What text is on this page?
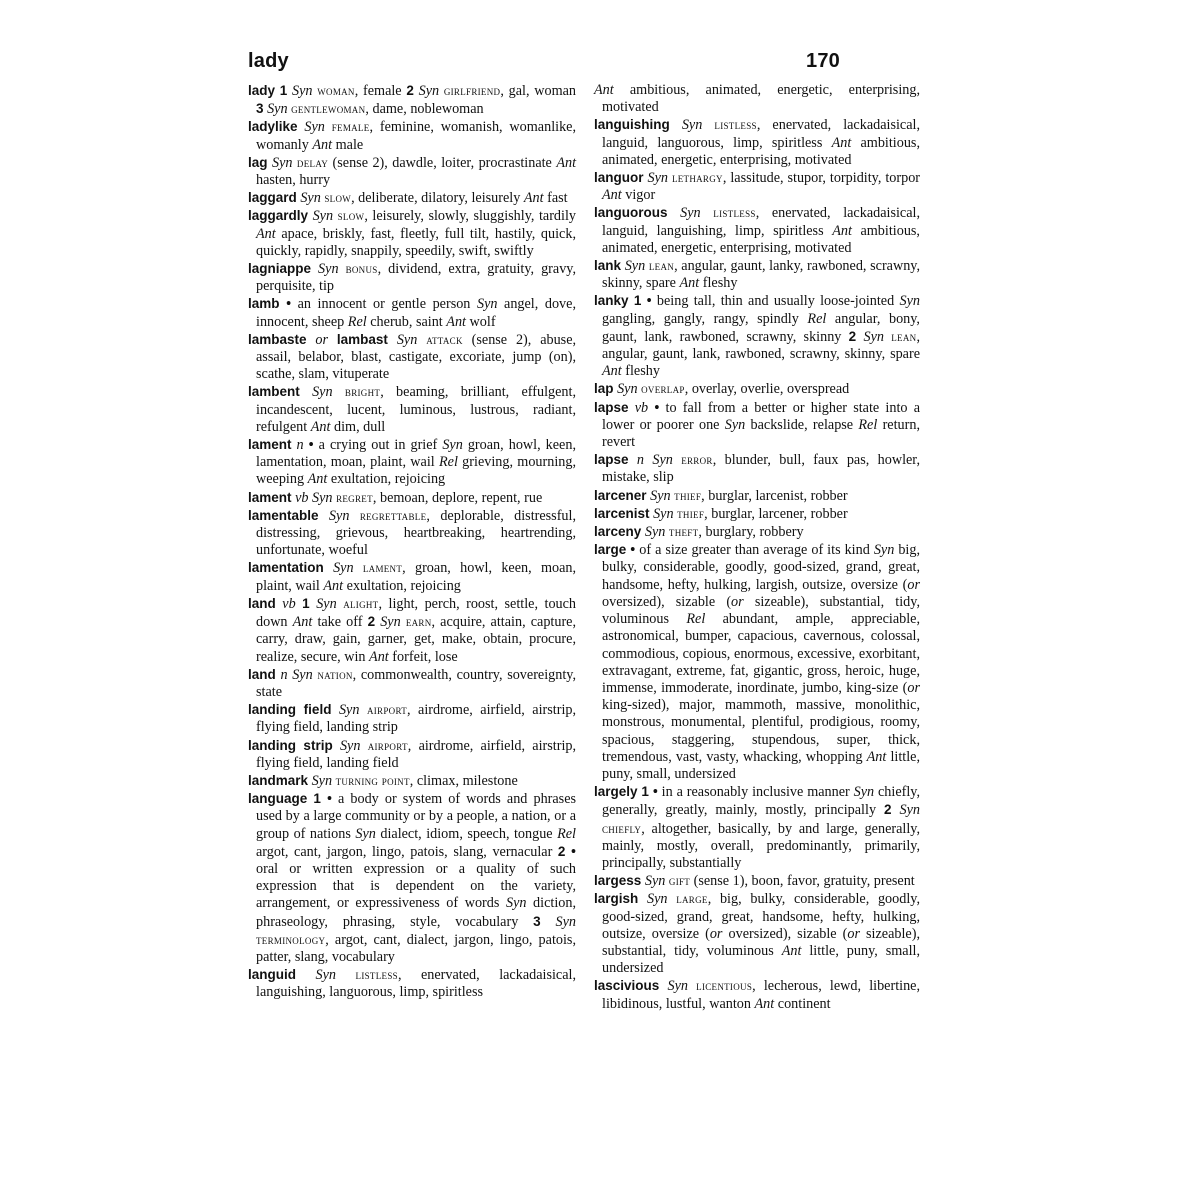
lady	170

lady 1 Syn woman, female 2 Syn girlfriend, gal, woman 3 Syn gentlewoman, dame, noblewoman

ladylike Syn female, feminine, womanish, womanlike, womanly Ant male

lag Syn delay (sense 2), dawdle, loiter, procrastinate Ant hasten, hurry

laggard Syn slow, deliberate, dilatory, leisurely Ant fast

laggardly Syn slow, leisurely, slowly, sluggishly, tardily Ant apace, briskly, fast, fleetly, full tilt, hastily, quick, quickly, rapidly, snappily, speedily, swift, swiftly

lagniappe Syn bonus, dividend, extra, gratuity, gravy, perquisite, tip

lamb • an innocent or gentle person Syn angel, dove, innocent, sheep Rel cherub, saint Ant wolf

lambaste or lambast Syn attack (sense 2), abuse, assail, belabor, blast, castigate, excoriate, jump (on), scathe, slam, vituperate

lambent Syn bright, beaming, brilliant, effulgent, incandescent, lucent, luminous, lustrous, radiant, refulgent Ant dim, dull

lament n • a crying out in grief Syn groan, howl, keen, lamentation, moan, plaint, wail Rel grieving, mourning, weeping Ant exultation, rejoicing

lament vb Syn regret, bemoan, deplore, repent, rue

lamentable Syn regrettable, deplorable, distressful, distressing, grievous, heartbreaking, heartrending, unfortunate, woeful

lamentation Syn lament, groan, howl, keen, moan, plaint, wail Ant exultation, rejoicing

land vb 1 Syn alight, light, perch, roost, settle, touch down Ant take off 2 Syn earn, acquire, attain, capture, carry, draw, gain, garner, get, make, obtain, procure, realize, secure, win Ant forfeit, lose

land n Syn nation, commonwealth, country, sovereignty, state

landing field Syn airport, airdrome, airfield, airstrip, flying field, landing strip

landing strip Syn airport, airdrome, airfield, airstrip, flying field, landing field

landmark Syn turning point, climax, milestone

language 1 • a body or system of words and phrases used by a large community or by a people, a nation, or a group of nations Syn dialect, idiom, speech, tongue Rel argot, cant, jargon, lingo, patois, slang, vernacular 2 • oral or written expression or a quality of such expression that is dependent on the variety, arrangement, or expressiveness of words Syn diction, phraseology, phrasing, style, vocabulary 3 Syn terminology, argot, cant, dialect, jargon, lingo, patois, patter, slang, vocabulary

languid Syn listless, enervated, lackadaisical, languishing, languorous, limp, spiritless

Ant ambitious, animated, energetic, enterprising, motivated

languishing Syn listless, enervated, lackadaisical, languid, languorous, limp, spiritless Ant ambitious, animated, energetic, enterprising, motivated

languor Syn lethargy, lassitude, stupor, torpidity, torpor Ant vigor

languorous Syn listless, enervated, lackadaisical, languid, languishing, limp, spiritless Ant ambitious, animated, energetic, enterprising, motivated

lank Syn lean, angular, gaunt, lanky, rawboned, scrawny, skinny, spare Ant fleshy

lanky 1 • being tall, thin and usually loose-jointed Syn gangling, gangly, rangy, spindly Rel angular, bony, gaunt, lank, rawboned, scrawny, skinny 2 Syn lean, angular, gaunt, lank, rawboned, scrawny, skinny, spare Ant fleshy

lap Syn overlap, overlay, overlie, overspread

lapse vb • to fall from a better or higher state into a lower or poorer one Syn backslide, relapse Rel return, revert

lapse n Syn error, blunder, bull, faux pas, howler, mistake, slip

larcener Syn thief, burglar, larcenist, robber

larcenist Syn thief, burglar, larcener, robber

larceny Syn theft, burglary, robbery

large • of a size greater than average of its kind Syn big, bulky, considerable, goodly, good-sized, grand, great, handsome, hefty, hulking, largish, outsize, oversize (or oversized), sizable (or sizeable), substantial, tidy, voluminous Rel abundant, ample, appreciable, astronomical, bumper, capacious, cavernous, colossal, commodious, copious, enormous, excessive, exorbitant, extravagant, extreme, fat, gigantic, gross, heroic, huge, immense, immoderate, inordinate, jumbo, king-size (or king-sized), major, mammoth, massive, monolithic, monstrous, monumental, plentiful, prodigious, roomy, spacious, staggering, stupendous, super, thick, tremendous, vast, vasty, whacking, whopping Ant little, puny, small, undersized

largely 1 • in a reasonably inclusive manner Syn chiefly, generally, greatly, mainly, mostly, principally 2 Syn chiefly, altogether, basically, by and large, generally, mainly, mostly, overall, predominantly, primarily, principally, substantially

largess Syn gift (sense 1), boon, favor, gratuity, present

largish Syn large, big, bulky, considerable, goodly, good-sized, grand, great, handsome, hefty, hulking, outsize, oversize (or oversized), sizable (or sizeable), substantial, tidy, voluminous Ant little, puny, small, undersized

lascivious Syn licentious, lecherous, lewd, libertine, libidinous, lustful, wanton Ant continent
